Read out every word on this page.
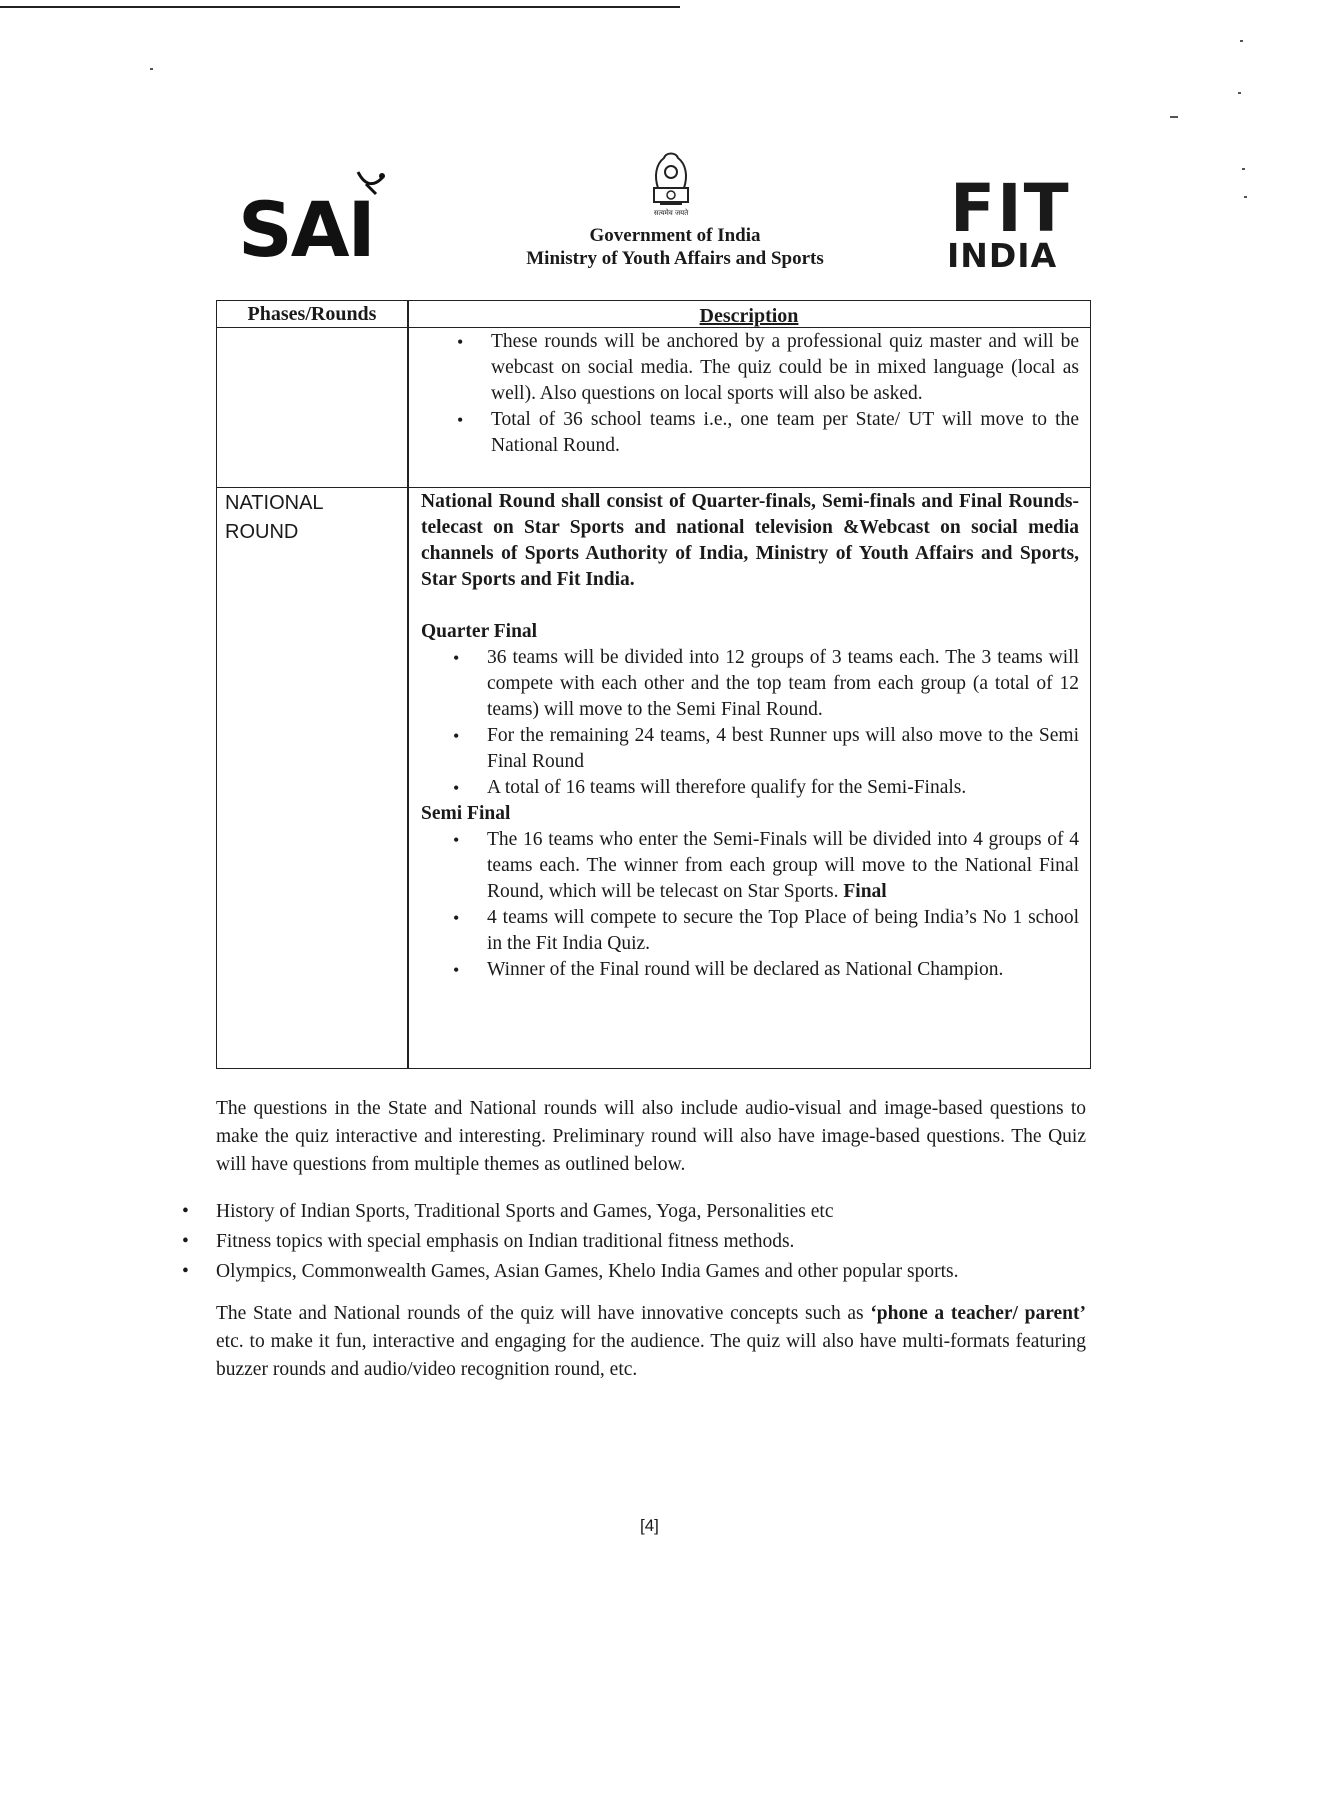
SAI	सत्यमेव जयते
Government of India
Ministry of Youth Affairs and Sports
FIT
INDIA
Phases/Rounds	Description
• These rounds will be anchored by a professional quiz master and will be webcast on social media. The quiz could be in mixed language (local as well). Also questions on local sports will also be asked.
• Total of 36 school teams i.e., one team per State/ UT will move to the National Round.
NATIONAL
ROUND
National Round shall consist of Quarter-finals, Semi-finals and Final Rounds-telecast on Star Sports and national television &Webcast on social media channels of Sports Authority of India, Ministry of Youth Affairs and Sports, Star Sports and Fit India.
Quarter Final
• 36 teams will be divided into 12 groups of 3 teams each. The 3 teams will compete with each other and the top team from each group (a total of 12 teams) will move to the Semi Final Round.
• For the remaining 24 teams, 4 best Runner ups will also move to the Semi Final Round
• A total of 16 teams will therefore qualify for the Semi-Finals.
Semi Final
• The 16 teams who enter the Semi-Finals will be divided into 4 groups of 4 teams each. The winner from each group will move to the National Final Round, which will be telecast on Star Sports. Final
• 4 teams will compete to secure the Top Place of being India’s No 1 school in the Fit India Quiz.
• Winner of the Final round will be declared as National Champion.
The questions in the State and National rounds will also include audio-visual and image-based questions to make the quiz interactive and interesting. Preliminary round will also have image-based questions. The Quiz will have questions from multiple themes as outlined below.
• History of Indian Sports, Traditional Sports and Games, Yoga, Personalities etc
• Fitness topics with special emphasis on Indian traditional fitness methods.
• Olympics, Commonwealth Games, Asian Games, Khelo India Games and other popular sports.
The State and National rounds of the quiz will have innovative concepts such as ‘phone a teacher/ parent’ etc. to make it fun, interactive and engaging for the audience. The quiz will also have multi-formats featuring buzzer rounds and audio/video recognition round, etc.
[4]
